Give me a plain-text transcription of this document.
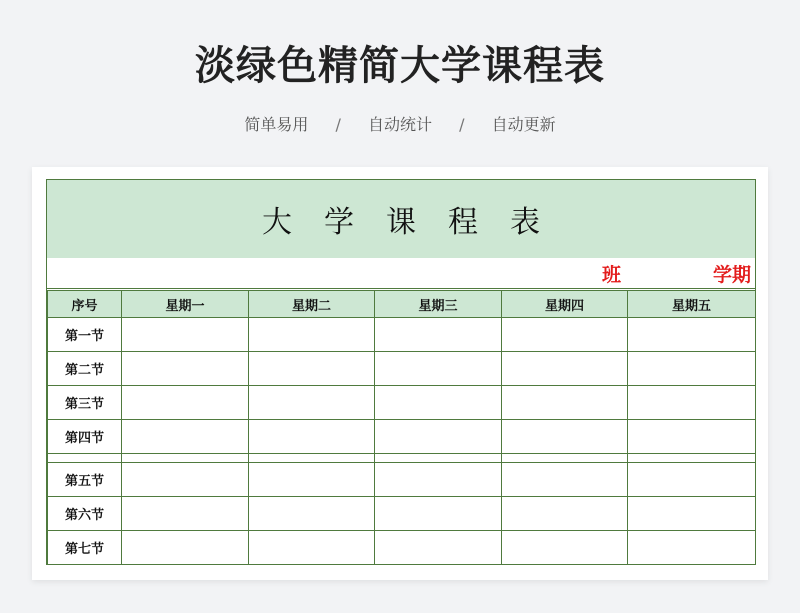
淡绿色精简大学课程表
简单易用 / 自动统计 / 自动更新
大学课程表
班	学期
序号	星期一	星期二	星期三	星期四	星期五
第一节					
第二节					
第三节					
第四节					

第五节					
第六节					
第七节					
